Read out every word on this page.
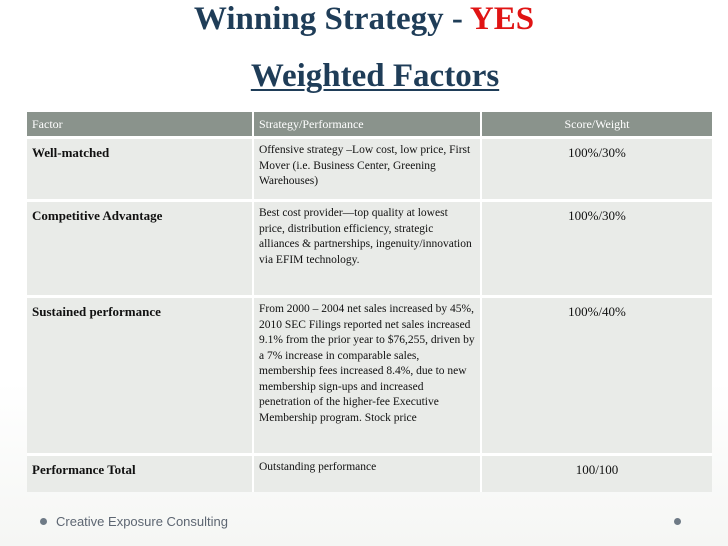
Winning Strategy - YES
Weighted Factors
Factor	Strategy/Performance	Score/Weight
Well-matched	Offensive strategy –Low cost, low price, First Mover (i.e. Business Center, Greening Warehouses)	100%/30%
Competitive Advantage	Best cost provider—top quality at lowest price, distribution efficiency, strategic alliances & partnerships, ingenuity/innovation via EFIM technology.	100%/30%
Sustained performance	From 2000 – 2004 net sales increased by 45%, 2010 SEC Filings reported net sales increased 9.1% from the prior year to $76,255, driven by a 7% increase in comparable sales, membership fees increased 8.4%, due to new membership sign-ups and increased penetration of the higher-fee Executive Membership program. Stock price	100%/40%
Performance Total	Outstanding performance	100/100
Creative Exposure Consulting
